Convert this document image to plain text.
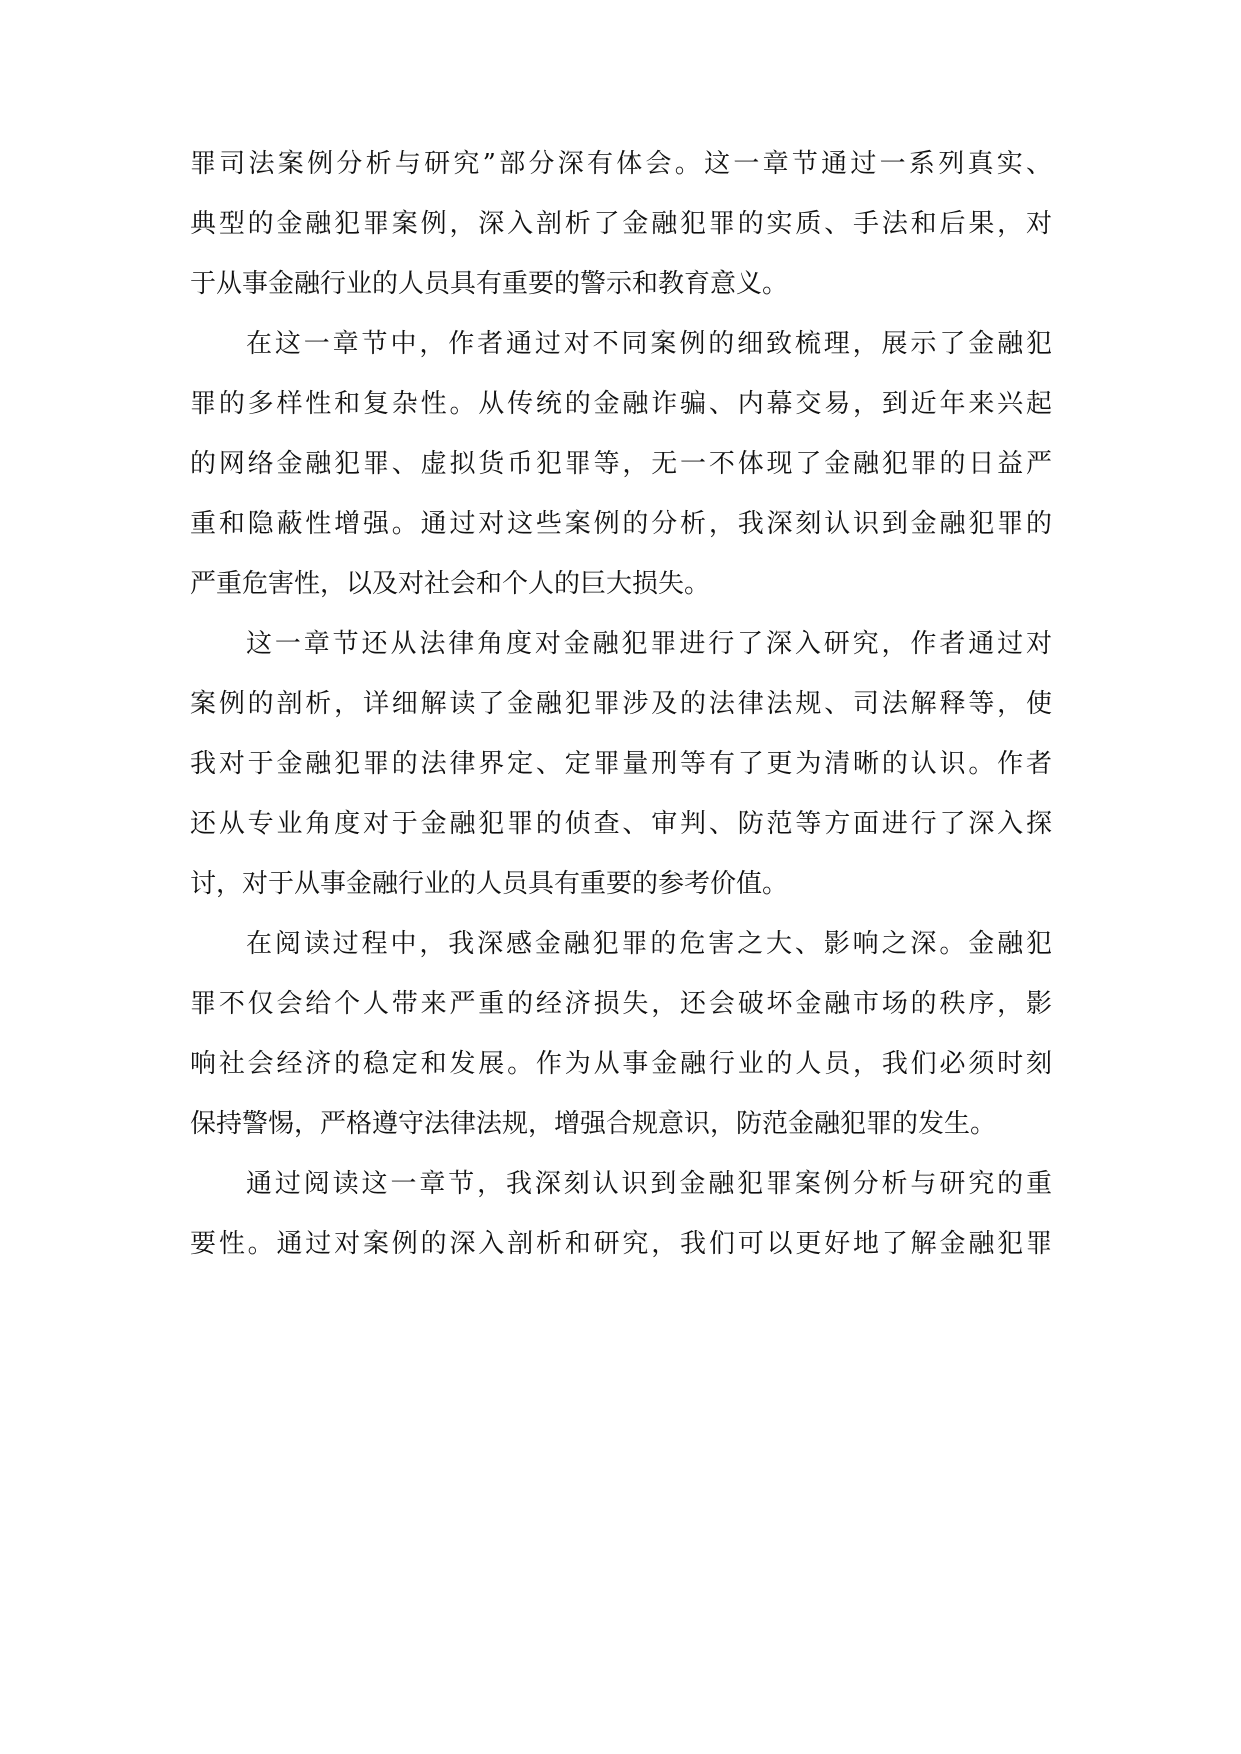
罪司法案例分析与研究”部分深有体会。这一章节通过一系列真实、
典型的金融犯罪案例，深入剖析了金融犯罪的实质、手法和后果，对
于从事金融行业的人员具有重要的警示和教育意义。
在这一章节中，作者通过对不同案例的细致梳理，展示了金融犯
罪的多样性和复杂性。从传统的金融诈骗、内幕交易，到近年来兴起
的网络金融犯罪、虚拟货币犯罪等，无一不体现了金融犯罪的日益严
重和隐蔽性增强。通过对这些案例的分析，我深刻认识到金融犯罪的
严重危害性，以及对社会和个人的巨大损失。
这一章节还从法律角度对金融犯罪进行了深入研究，作者通过对
案例的剖析，详细解读了金融犯罪涉及的法律法规、司法解释等，使
我对于金融犯罪的法律界定、定罪量刑等有了更为清晰的认识。作者
还从专业角度对于金融犯罪的侦查、审判、防范等方面进行了深入探
讨，对于从事金融行业的人员具有重要的参考价值。
在阅读过程中，我深感金融犯罪的危害之大、影响之深。金融犯
罪不仅会给个人带来严重的经济损失，还会破坏金融市场的秩序，影
响社会经济的稳定和发展。作为从事金融行业的人员，我们必须时刻
保持警惕，严格遵守法律法规，增强合规意识，防范金融犯罪的发生。
通过阅读这一章节，我深刻认识到金融犯罪案例分析与研究的重
要性。通过对案例的深入剖析和研究，我们可以更好地了解金融犯罪
